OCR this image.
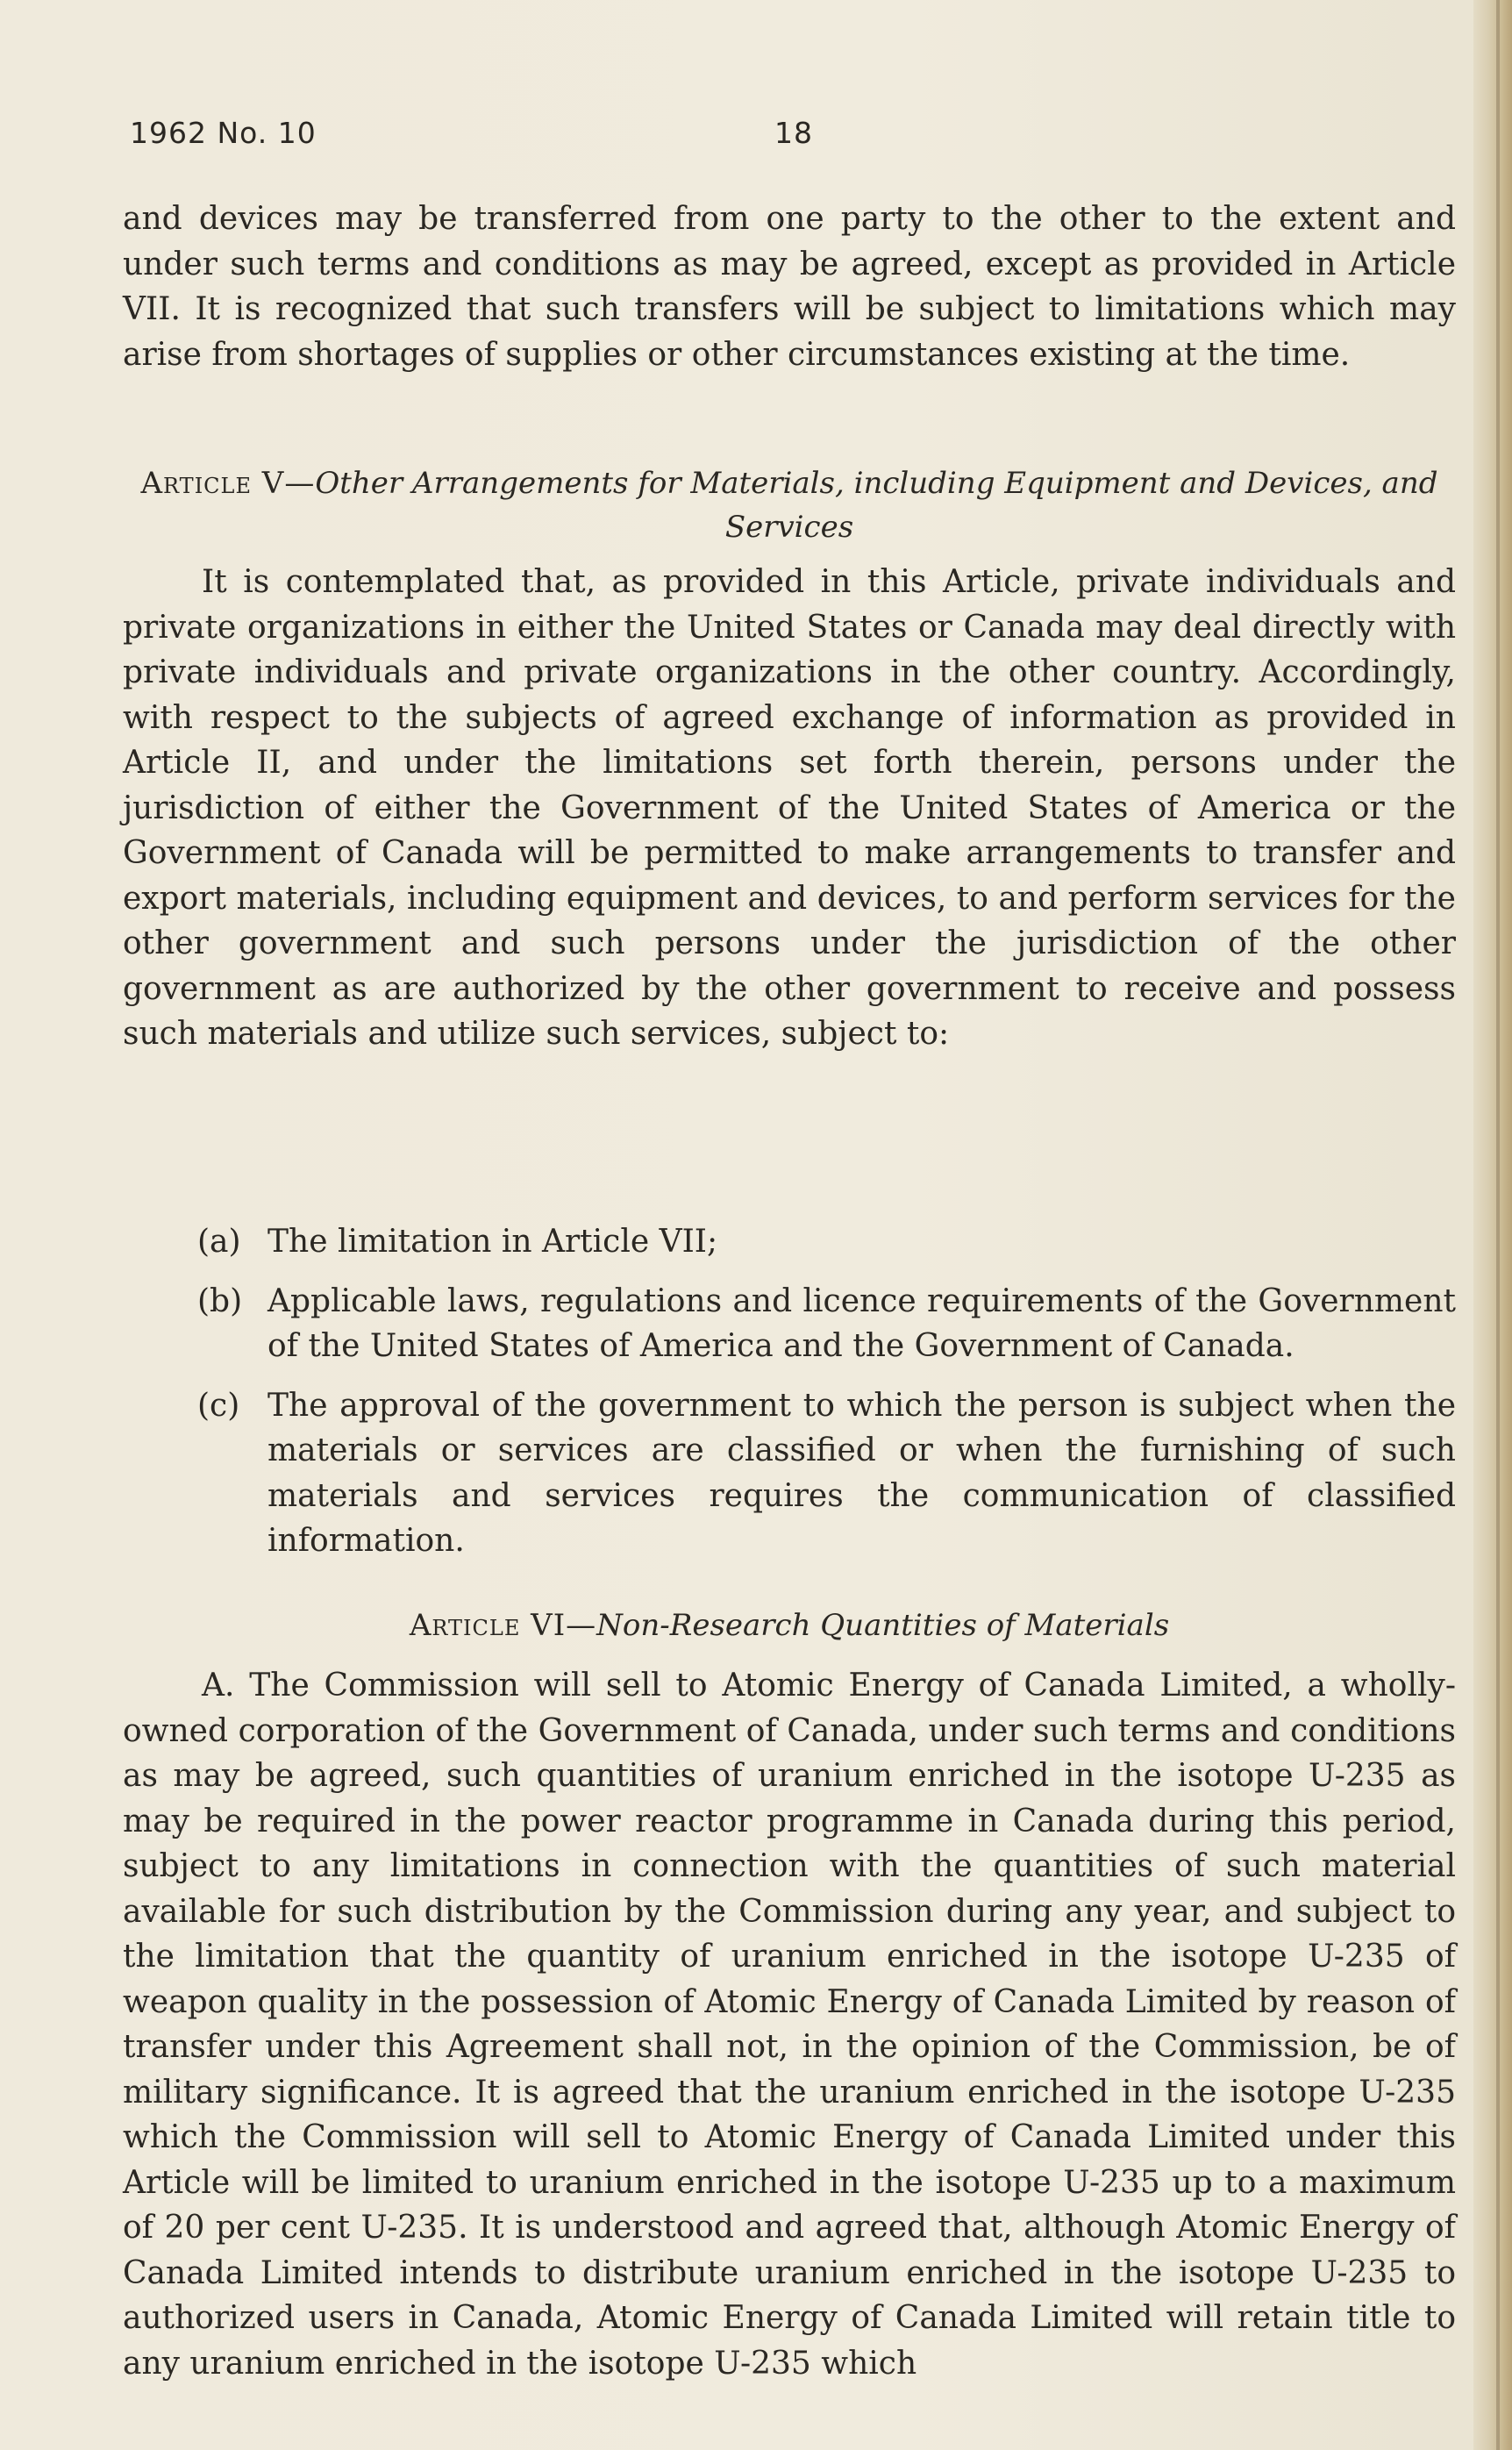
1962 No. 10	18

and devices may be transferred from one party to the other to the extent and under such terms and conditions as may be agreed, except as provided in Article VII. It is recognized that such transfers will be subject to limitations which may arise from shortages of supplies or other circumstances existing at the time.

Article V—Other Arrangements for Materials, including Equipment and Devices, and Services

It is contemplated that, as provided in this Article, private individuals and private organizations in either the United States or Canada may deal directly with private individuals and private organizations in the other country. Accordingly, with respect to the subjects of agreed exchange of information as provided in Article II, and under the limitations set forth therein, persons under the jurisdiction of either the Government of the United States of America or the Government of Canada will be permitted to make arrangements to transfer and export materials, including equipment and devices, to and perform services for the other government and such persons under the jurisdiction of the other government as are authorized by the other government to receive and possess such materials and utilize such services, subject to:

(a) The limitation in Article VII;
(b) Applicable laws, regulations and licence requirements of the Government of the United States of America and the Government of Canada.
(c) The approval of the government to which the person is subject when the materials or services are classified or when the furnishing of such materials and services requires the communication of classified information.
Article VI—Non-Research Quantities of Materials

A. The Commission will sell to Atomic Energy of Canada Limited, a wholly-owned corporation of the Government of Canada, under such terms and conditions as may be agreed, such quantities of uranium enriched in the isotope U-235 as may be required in the power reactor programme in Canada during this period, subject to any limitations in connection with the quantities of such material available for such distribution by the Commission during any year, and subject to the limitation that the quantity of uranium enriched in the isotope U-235 of weapon quality in the possession of Atomic Energy of Canada Limited by reason of transfer under this Agreement shall not, in the opinion of the Commission, be of military significance. It is agreed that the uranium enriched in the isotope U-235 which the Commission will sell to Atomic Energy of Canada Limited under this Article will be limited to uranium enriched in the isotope U-235 up to a maximum of 20 per cent U-235. It is understood and agreed that, although Atomic Energy of Canada Limited intends to distribute uranium enriched in the isotope U-235 to authorized users in Canada, Atomic Energy of Canada Limited will retain title to any uranium enriched in the isotope U-235 which
